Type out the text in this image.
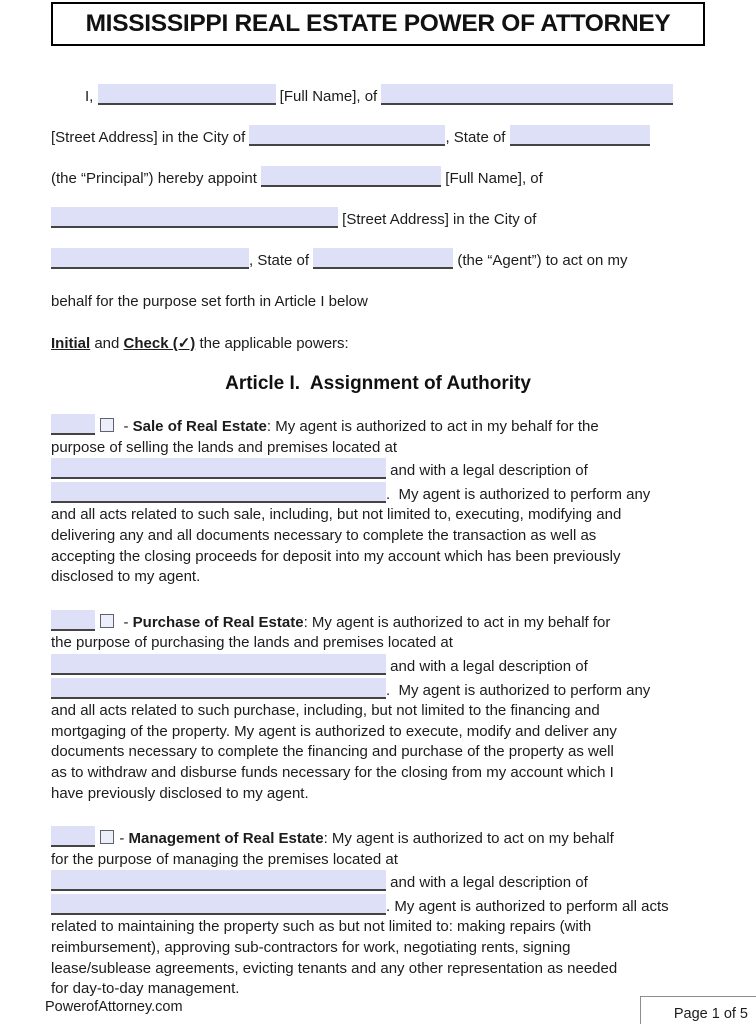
MISSISSIPPI REAL ESTATE POWER OF ATTORNEY
I,	[Full Name], of
[Street Address] in the City of	, State of
(the “Principal”) hereby appoint	[Full Name], of
[Street Address] in the City of
, State of	(the “Agent”) to act on my
behalf for the purpose set forth in Article I below
Initial and Check (✓) the applicable powers:
Article I.  Assignment of Authority
- Sale of Real Estate: My agent is authorized to act in my behalf for the
purpose of selling the lands and premises located at
and with a legal description of
.  My agent is authorized to perform any
and all acts related to such sale, including, but not limited to, executing, modifying and
delivering any and all documents necessary to complete the transaction as well as
accepting the closing proceeds for deposit into my account which has been previously
disclosed to my agent.
- Purchase of Real Estate: My agent is authorized to act in my behalf for
the purpose of purchasing the lands and premises located at
and with a legal description of
.  My agent is authorized to perform any
and all acts related to such purchase, including, but not limited to the financing and
mortgaging of the property. My agent is authorized to execute, modify and deliver any
documents necessary to complete the financing and purchase of the property as well
as to withdraw and disburse funds necessary for the closing from my account which I
have previously disclosed to my agent.
- Management of Real Estate: My agent is authorized to act on my behalf
for the purpose of managing the premises located at
and with a legal description of
. My agent is authorized to perform all acts
related to maintaining the property such as but not limited to: making repairs (with
reimbursement), approving sub-contractors for work, negotiating rents, signing
lease/sublease agreements, evicting tenants and any other representation as needed
for day-to-day management.
PowerofAttorney.com	Page 1 of 5
